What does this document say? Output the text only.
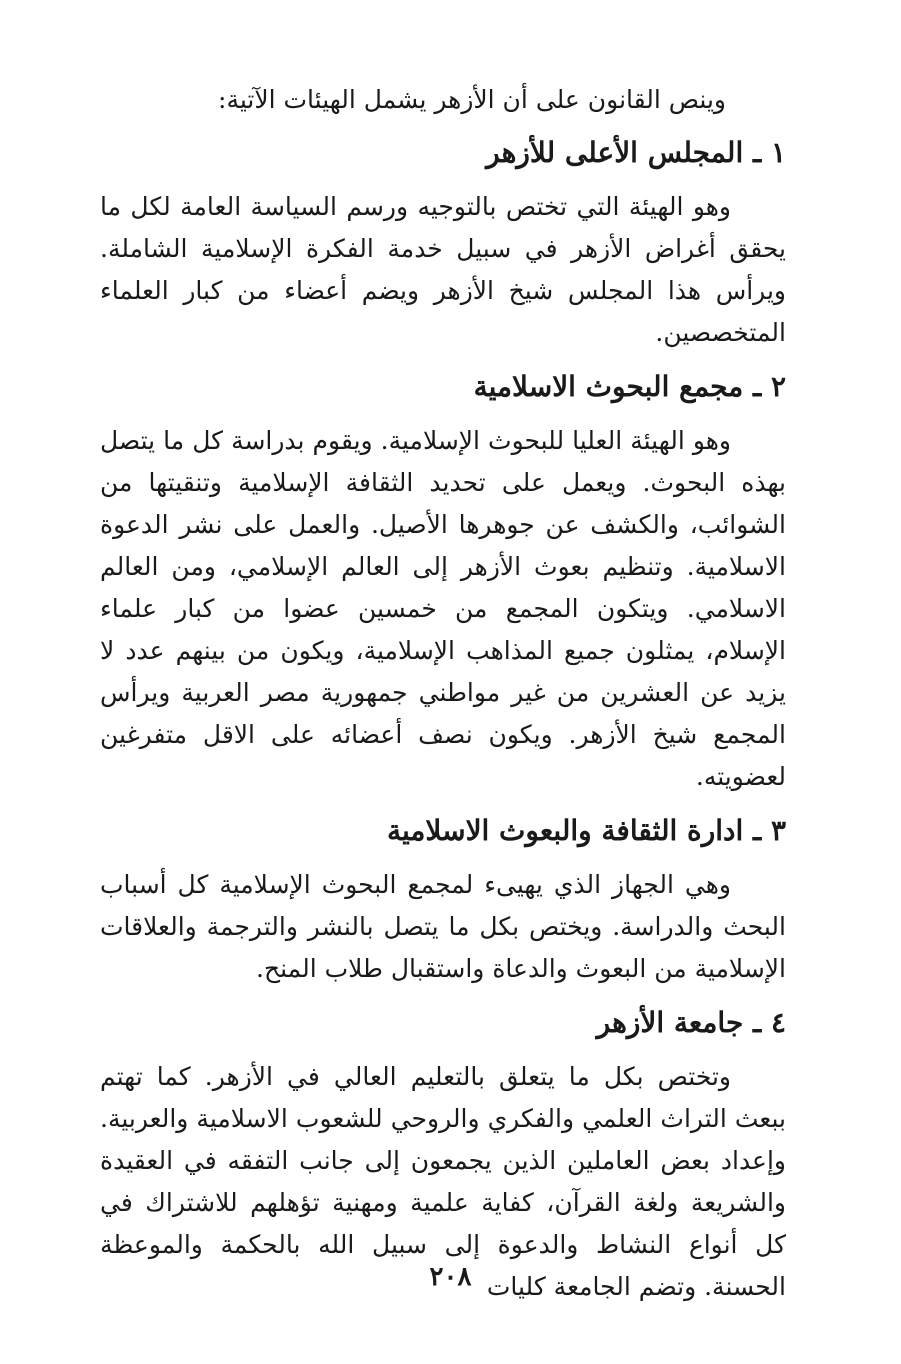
وينص القانون على أن الأزهر يشمل الهيئات الآتية:

١ ـ المجلس الأعلى للأزهر

وهو الهيئة التي تختص بالتوجيه ورسم السياسة العامة لكل ما يحقق أغراض الأزهر في سبيل خدمة الفكرة الإسلامية الشاملة. ويرأس هذا المجلس شيخ الأزهر ويضم أعضاء من كبار العلماء المتخصصين.

٢ ـ مجمع البحوث الاسلامية

وهو الهيئة العليا للبحوث الإسلامية. ويقوم بدراسة كل ما يتصل بهذه البحوث. ويعمل على تحديد الثقافة الإسلامية وتنقيتها من الشوائب، والكشف عن جوهرها الأصيل. والعمل على نشر الدعوة الاسلامية. وتنظيم بعوث الأزهر إلى العالم الإسلامي، ومن العالم الاسلامي. ويتكون المجمع من خمسين عضوا من كبار علماء الإسلام، يمثلون جميع المذاهب الإسلامية، ويكون من بينهم عدد لا يزيد عن العشرين من غير مواطني جمهورية مصر العربية ويرأس المجمع شيخ الأزهر. ويكون نصف أعضائه على الاقل متفرغين لعضويته.

٣ ـ ادارة الثقافة والبعوث الاسلامية

وهي الجهاز الذي يهيىء لمجمع البحوث الإسلامية كل أسباب البحث والدراسة. ويختص بكل ما يتصل بالنشر والترجمة والعلاقات الإسلامية من البعوث والدعاة واستقبال طلاب المنح.

٤ ـ جامعة الأزهر

وتختص بكل ما يتعلق بالتعليم العالي في الأزهر. كما تهتم ببعث التراث العلمي والفكري والروحي للشعوب الاسلامية والعربية. وإعداد بعض العاملين الذين يجمعون إلى جانب التفقه في العقيدة والشريعة ولغة القرآن، كفاية علمية ومهنية تؤهلهم للاشتراك في كل أنواع النشاط والدعوة إلى سبيل الله بالحكمة والموعظة الحسنة. وتضم الجامعة كليات

٢٠٨
